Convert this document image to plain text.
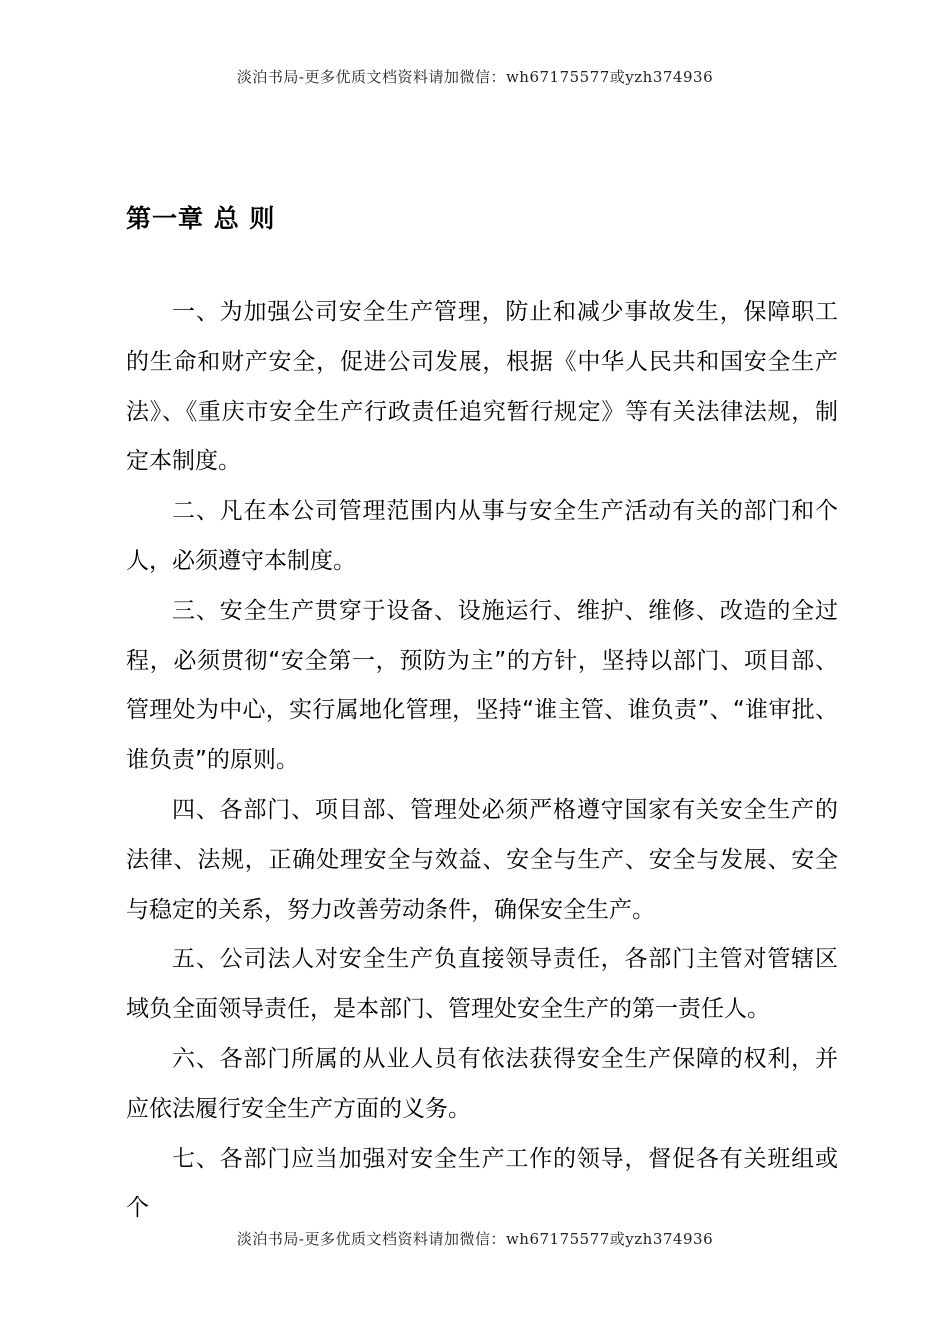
淡泊书局-更多优质文档资料请加微信：wh67175577或yzh374936
第一章 总 则

一、为加强公司安全生产管理，防止和减少事故发生，保障职工的生命和财产安全，促进公司发展，根据《中华人民共和国安全生产法》、《重庆市安全生产行政责任追究暂行规定》等有关法律法规，制定本制度。

二、凡在本公司管理范围内从事与安全生产活动有关的部门和个人，必须遵守本制度。

三、安全生产贯穿于设备、设施运行、维护、维修、改造的全过程，必须贯彻“安全第一，预防为主”的方针，坚持以部门、项目部、管理处为中心，实行属地化管理，坚持“谁主管、谁负责”、“谁审批、谁负责”的原则。

四、各部门、项目部、管理处必须严格遵守国家有关安全生产的法律、法规，正确处理安全与效益、安全与生产、安全与发展、安全与稳定的关系，努力改善劳动条件，确保安全生产。

五、公司法人对安全生产负直接领导责任，各部门主管对管辖区域负全面领导责任，是本部门、管理处安全生产的第一责任人。

六、各部门所属的从业人员有依法获得安全生产保障的权利，并应依法履行安全生产方面的义务。

七、各部门应当加强对安全生产工作的领导，督促各有关班组或个

淡泊书局-更多优质文档资料请加微信：wh67175577或yzh374936
